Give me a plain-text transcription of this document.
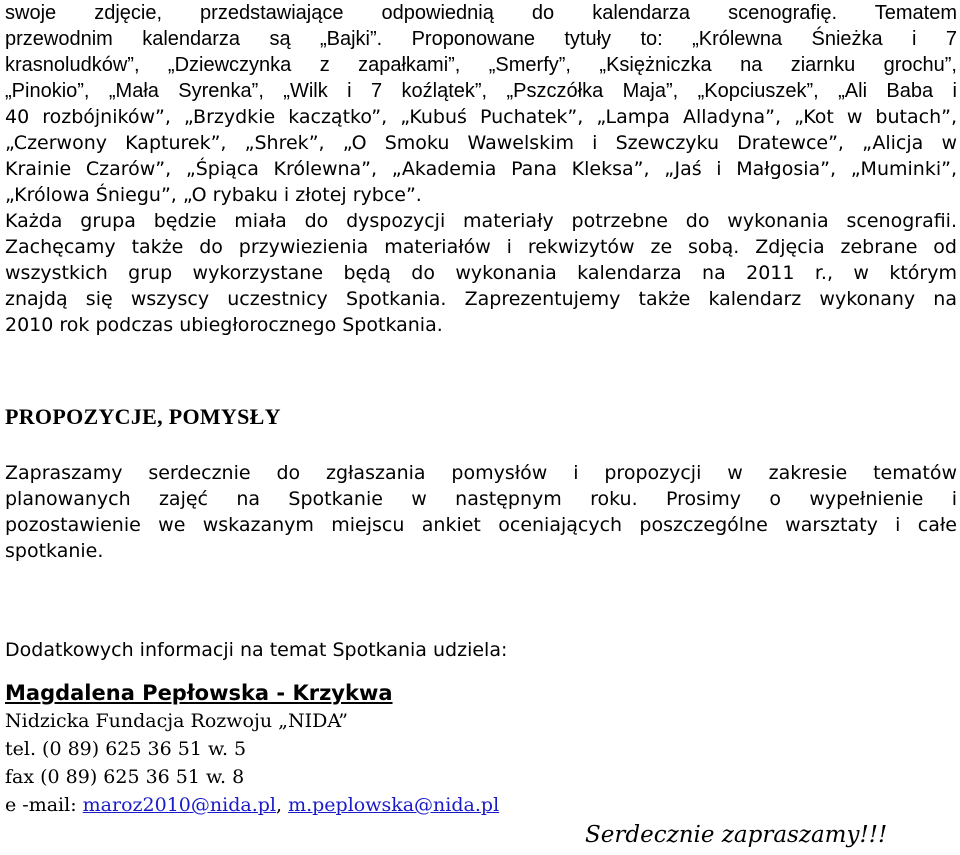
swoje zdjęcie, przedstawiające odpowiednią do kalendarza scenografię. Tematem
przewodnim kalendarza są „Bajki”. Proponowane tytuły to: „Królewna Śnieżka i 7
krasnoludków”, „Dziewczynka z zapałkami”, „Smerfy”, „Księżniczka na ziarnku grochu”,
„Pinokio”, „Mała Syrenka”, „Wilk i 7 koźlątek”, „Pszczółka Maja”, „Kopciuszek”, „Ali Baba i
40 rozbójników”, „Brzydkie kaczątko”, „Kubuś Puchatek”, „Lampa Alladyna”, „Kot w butach”,
„Czerwony Kapturek”, „Shrek”, „O Smoku Wawelskim i Szewczyku Dratewce”, „Alicja w
Krainie Czarów”, „Śpiąca Królewna”, „Akademia Pana Kleksa”, „Jaś i Małgosia”, „Muminki”,
„Królowa Śniegu”, „O rybaku i złotej rybce”.
Każda grupa będzie miała do dyspozycji materiały potrzebne do wykonania scenografii.
Zachęcamy także do przywiezienia materiałów i rekwizytów ze sobą. Zdjęcia zebrane od
wszystkich grup wykorzystane będą do wykonania kalendarza na 2011 r., w którym
znajdą się wszyscy uczestnicy Spotkania. Zaprezentujemy także kalendarz wykonany na
2010 rok podczas ubiegłorocznego Spotkania.
PROPOZYCJE, POMYSŁY
Zapraszamy serdecznie do zgłaszania pomysłów i propozycji w zakresie tematów
planowanych zajęć na Spotkanie w następnym roku. Prosimy o wypełnienie i
pozostawienie we wskazanym miejscu ankiet oceniających poszczególne warsztaty i całe
spotkanie.
Dodatkowych informacji na temat Spotkania udziela:
Magdalena Pepłowska - Krzykwa
Nidzicka Fundacja Rozwoju „NIDA”
tel. (0 89) 625 36 51 w. 5
fax (0 89) 625 36 51 w. 8
e -mail: maroz2010@nida.pl, m.peplowska@nida.pl
Serdecznie zapraszamy!!!
